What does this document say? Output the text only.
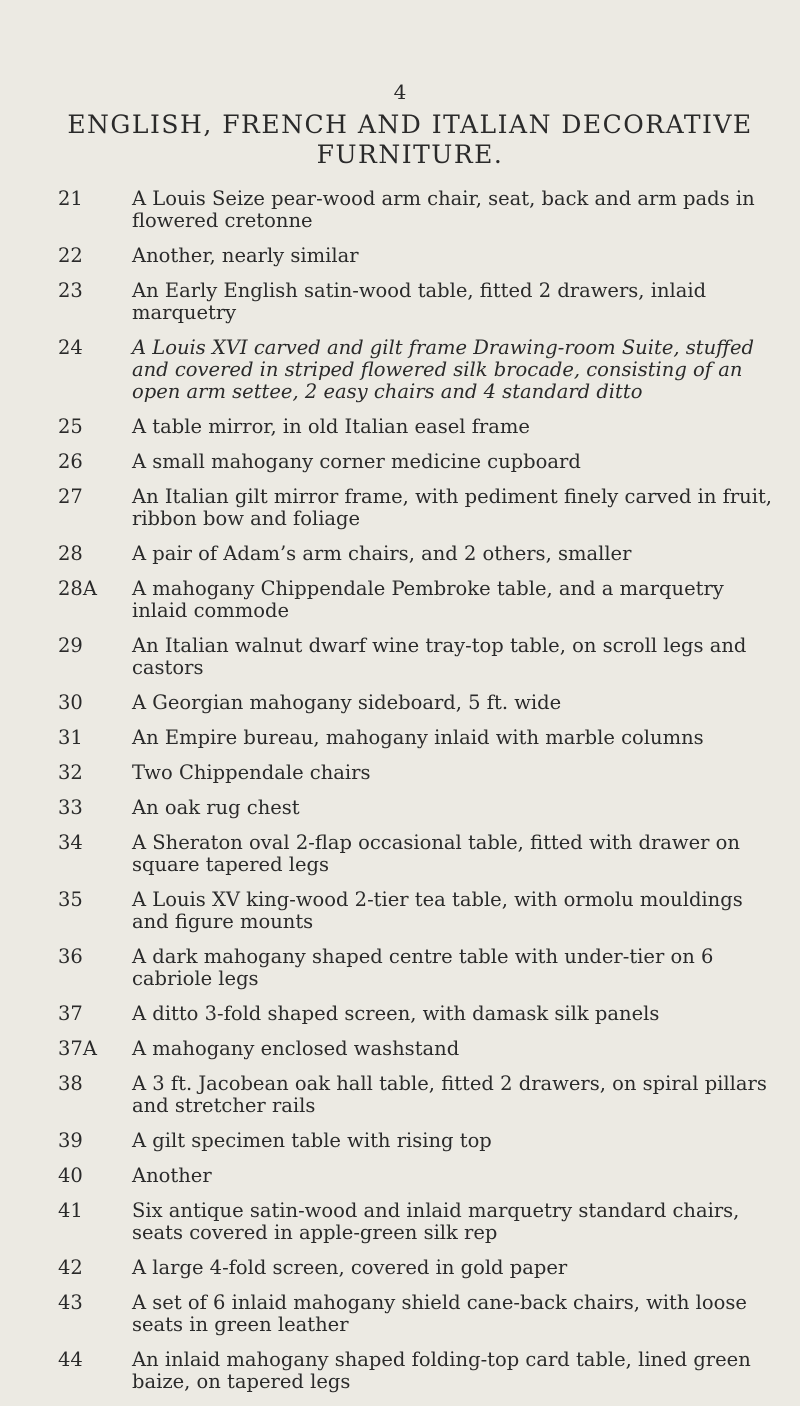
4
ENGLISH, FRENCH AND ITALIAN DECORATIVE FURNITURE.
21	A Louis Seize pear-wood arm chair, seat, back and arm pads in flowered cretonne
22	Another, nearly similar
23	An Early English satin-wood table, fitted 2 drawers, inlaid marquetry
24	A Louis XVI carved and gilt frame Drawing-room Suite, stuffed and covered in striped flowered silk brocade, consisting of an open arm settee, 2 easy chairs and 4 standard ditto
25	A table mirror, in old Italian easel frame
26	A small mahogany corner medicine cupboard
27	An Italian gilt mirror frame, with pediment finely carved in fruit, ribbon bow and foliage
28	A pair of Adam’s arm chairs, and 2 others, smaller
28A	A mahogany Chippendale Pembroke table, and a marquetry inlaid commode
29	An Italian walnut dwarf wine tray-top table, on scroll legs and castors
30	A Georgian mahogany sideboard, 5 ft. wide
31	An Empire bureau, mahogany inlaid with marble columns
32	Two Chippendale chairs
33	An oak rug chest
34	A Sheraton oval 2-flap occasional table, fitted with drawer on square tapered legs
35	A Louis XV king-wood 2-tier tea table, with ormolu mouldings and figure mounts
36	A dark mahogany shaped centre table with under-tier on 6 cabriole legs
37	A ditto 3-fold shaped screen, with damask silk panels
37A	A mahogany enclosed washstand
38	A 3 ft. Jacobean oak hall table, fitted 2 drawers, on spiral pillars and stretcher rails
39	A gilt specimen table with rising top
40	Another
41	Six antique satin-wood and inlaid marquetry standard chairs, seats covered in apple-green silk rep
42	A large 4-fold screen, covered in gold paper
43	A set of 6 inlaid mahogany shield cane-back chairs, with loose seats in green leather
44	An inlaid mahogany shaped folding-top card table, lined green baize, on tapered legs
